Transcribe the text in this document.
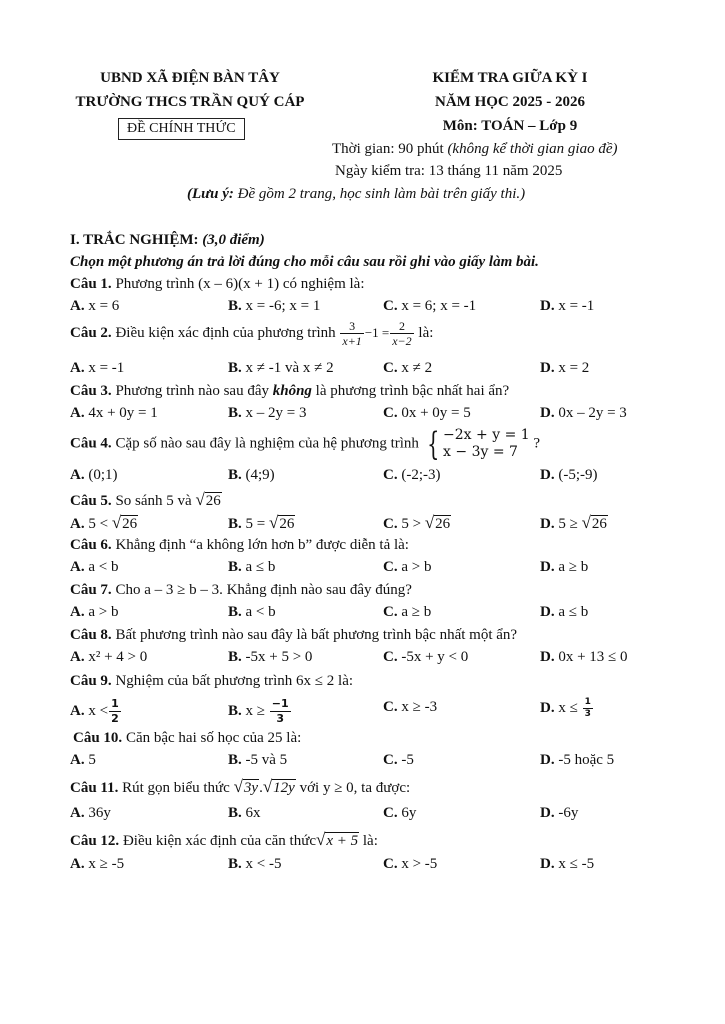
UBND XÃ ĐIỆN BÀN TÂY
TRƯỜNG THCS TRẦN QUÝ CÁP
ĐỀ CHÍNH THỨC
KIỂM TRA GIỮA KỲ I
NĂM HỌC 2025 - 2026
Môn: TOÁN – Lớp 9
Thời gian: 90 phút (không kể thời gian giao đề)
Ngày kiểm tra: 13 tháng 11 năm 2025
(Lưu ý: Đề gồm 2 trang, học sinh làm bài trên giấy thi.)
I. TRẮC NGHIỆM: (3,0 điểm)
Chọn một phương án trả lời đúng cho mỗi câu sau rồi ghi vào giấy làm bài.
Câu 1. Phương trình (x – 6)(x + 1) có nghiệm là:
A. x = 6	B. x = -6; x = 1	C. x = 6; x = -1	D. x = -1
Câu 2. Điều kiện xác định của phương trình $\frac{3}{x+1} -1 = \frac{2}{x-2}$ là:
A. x = -1	B. x ≠ -1 và x ≠ 2	C. x ≠ 2	D. x = 2
Câu 3. Phương trình nào sau đây không là phương trình bậc nhất hai ẩn?
A. 4x + 0y = 1	B. x – 2y = 3	C. 0x + 0y = 5	D. 0x – 2y = 3
Câu 4. Cặp số nào sau đây là nghiệm của hệ phương trình { −2x + y = 1
x − 3y = 7
?
A. (0;1)	B. (4;9)	C. (-2;-3)	D. (-5;-9)
Câu 5. So sánh 5 và √26
A. 5 < √26	B. 5 = √26	C. 5 > √26	D. 5 ≥ √26
Câu 6. Khẳng định “a không lớn hơn b” được diễn tả là:
A. a < b	B. a ≤ b	C. a > b	D. a ≥ b
Câu 7. Cho a – 3 ≥ b – 3. Khẳng định nào sau đây đúng?
A. a > b	B. a < b	C. a ≥ b	D. a ≤ b
Câu 8. Bất phương trình nào sau đây là bất phương trình bậc nhất một ẩn?
A. x² + 4 > 0	B. -5x + 5 > 0	C. -5x + y < 0	D. 0x + 13 ≤ 0
Câu 9. Nghiệm của bất phương trình 6x ≤ 2 là:
A. $x < \frac{1}{2}$	B. $x \ge \frac{-1}{3}$	C. x ≥ -3	D. $x \le \frac{1}{3}$
Câu 10. Căn bậc hai số học của 25 là:
A. 5	B. -5 và 5	C. -5	D. -5 hoặc 5
Câu 11. Rút gọn biểu thức √3y.√12y với y ≥ 0, ta được:
A. 36y	B. 6x	C. 6y	D. -6y
Câu 12. Điều kiện xác định của căn thức√x + 5 là:
A. x ≥ -5	B. x < -5	C. x > -5	D. x ≤ -5
